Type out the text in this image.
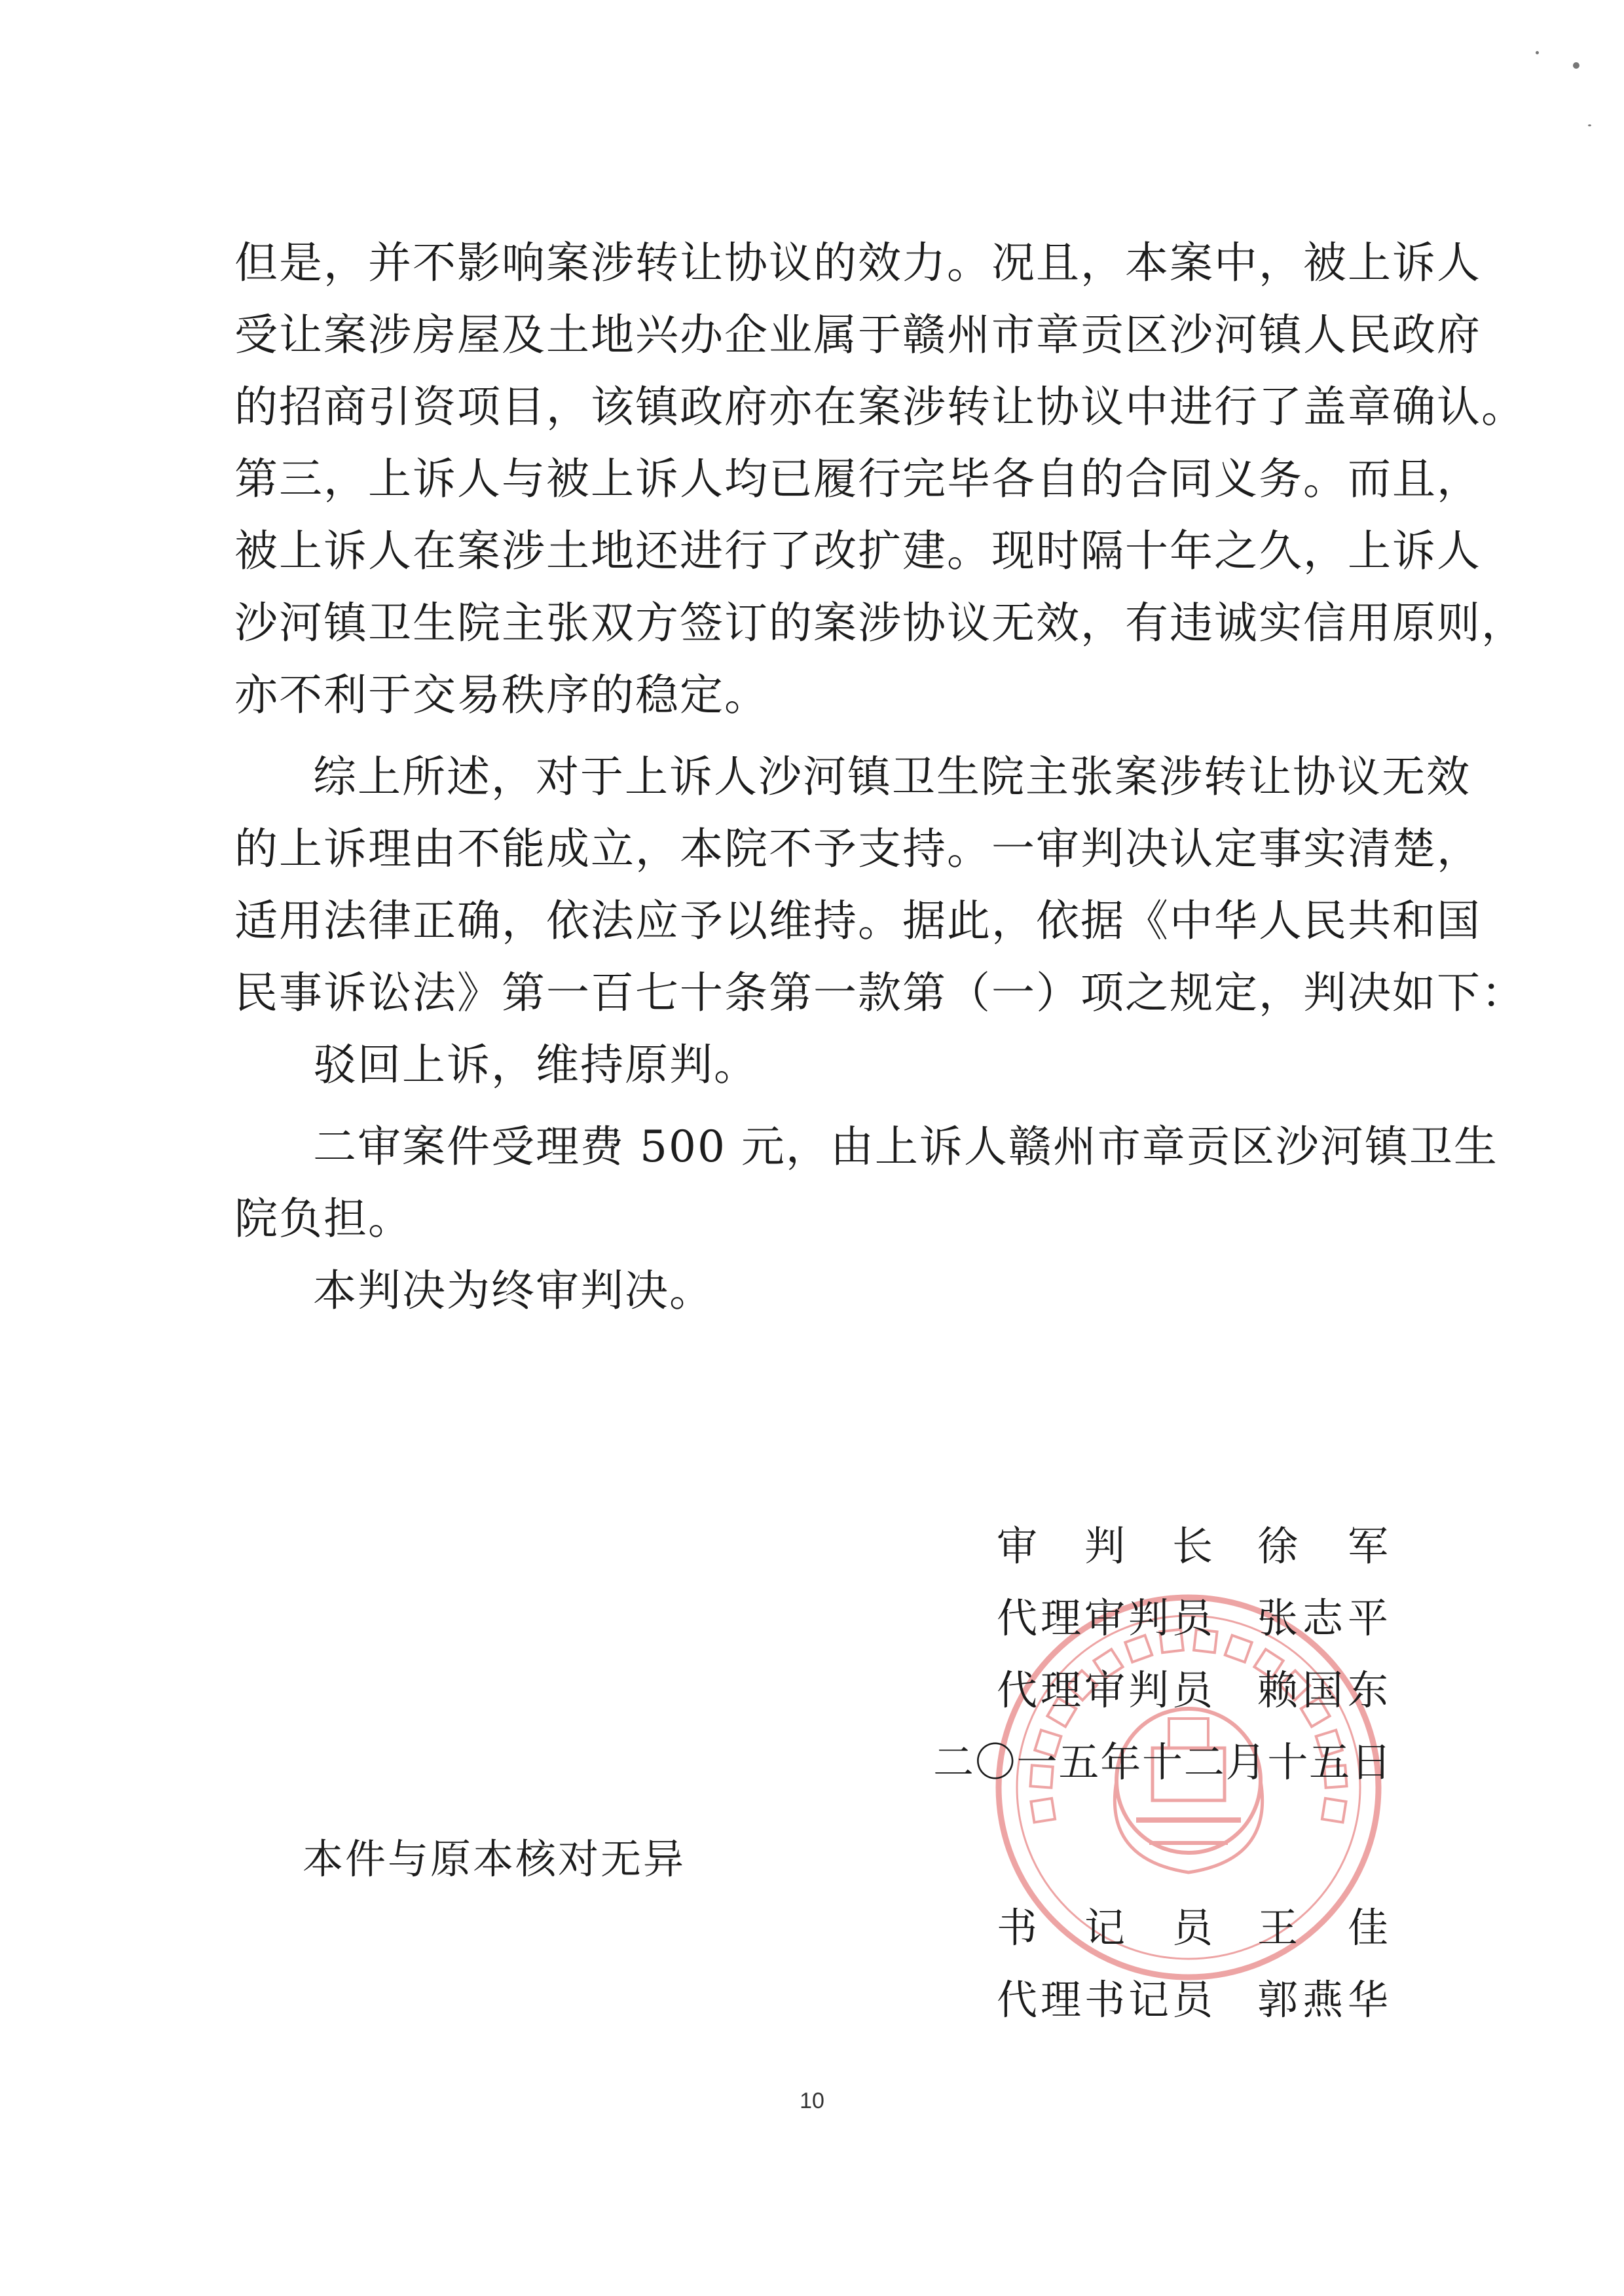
但是，并不影响案涉转让协议的效力。况且，本案中，被上诉人
受让案涉房屋及土地兴办企业属于赣州市章贡区沙河镇人民政府
的招商引资项目，该镇政府亦在案涉转让协议中进行了盖章确认。
第三，上诉人与被上诉人均已履行完毕各自的合同义务。而且，
被上诉人在案涉土地还进行了改扩建。现时隔十年之久，上诉人
沙河镇卫生院主张双方签订的案涉协议无效，有违诚实信用原则，
亦不利于交易秩序的稳定。
综上所述，对于上诉人沙河镇卫生院主张案涉转让协议无效
的上诉理由不能成立，本院不予支持。一审判决认定事实清楚，
适用法律正确，依法应予以维持。据此，依据《中华人民共和国
民事诉讼法》第一百七十条第一款第（一）项之规定，判决如下：
驳回上诉，维持原判。
二审案件受理费 500 元，由上诉人赣州市章贡区沙河镇卫生
院负担。
本判决为终审判决。
审判长 徐军
代理审判员 张志平
代理审判员 赖国东
二〇一五年十二月十五日
本件与原本核对无异
书记员 王佳
代理书记员 郭燕华
10
